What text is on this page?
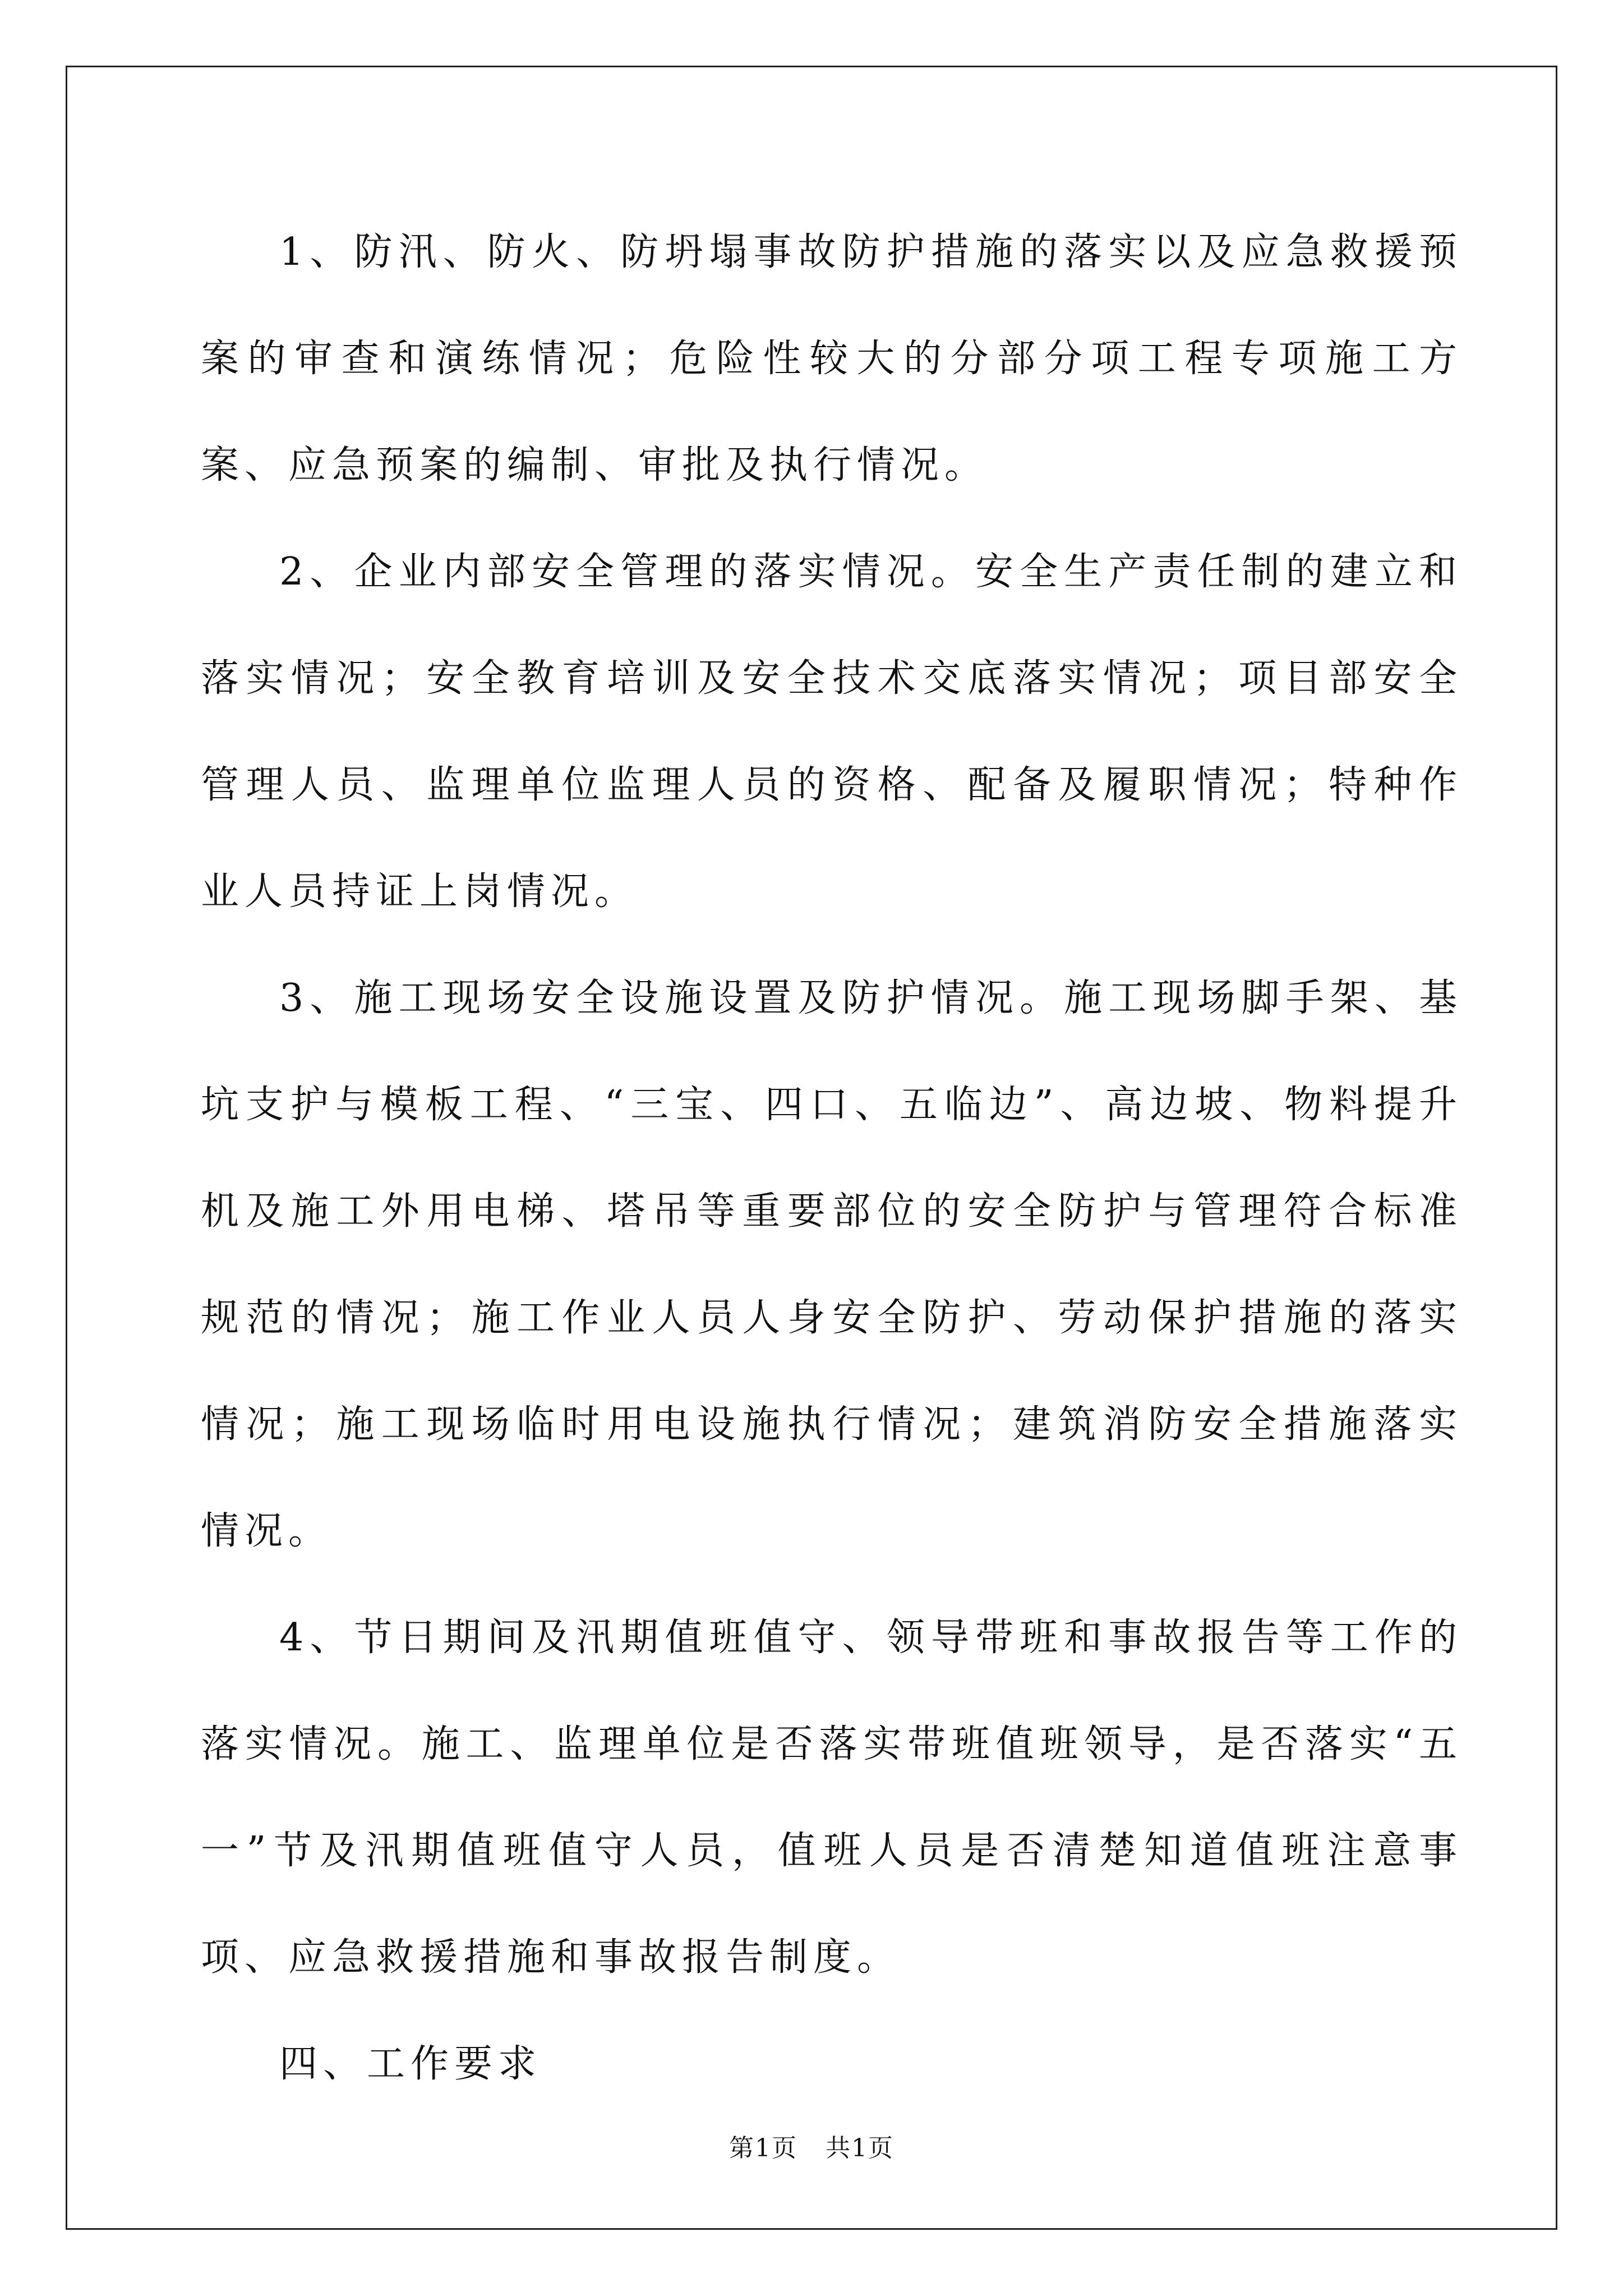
1、防汛、防火、防坍塌事故防护措施的落实以及应急救援预案的审查和演练情况；危险性较大的分部分项工程专项施工方案、应急预案的编制、审批及执行情况。

2、企业内部安全管理的落实情况。安全生产责任制的建立和落实情况；安全教育培训及安全技术交底落实情况；项目部安全管理人员、监理单位监理人员的资格、配备及履职情况；特种作业人员持证上岗情况。

3、施工现场安全设施设置及防护情况。施工现场脚手架、基坑支护与模板工程、“三宝、四口、五临边”、高边坡、物料提升机及施工外用电梯、塔吊等重要部位的安全防护与管理符合标准规范的情况；施工作业人员人身安全防护、劳动保护措施的落实情况；施工现场临时用电设施执行情况；建筑消防安全措施落实情况。

4、节日期间及汛期值班值守、领导带班和事故报告等工作的落实情况。施工、监理单位是否落实带班值班领导，是否落实“五一”节及汛期值班值守人员，值班人员是否清楚知道值班注意事项、应急救援措施和事故报告制度。

四、工作要求

第1页 共1页
